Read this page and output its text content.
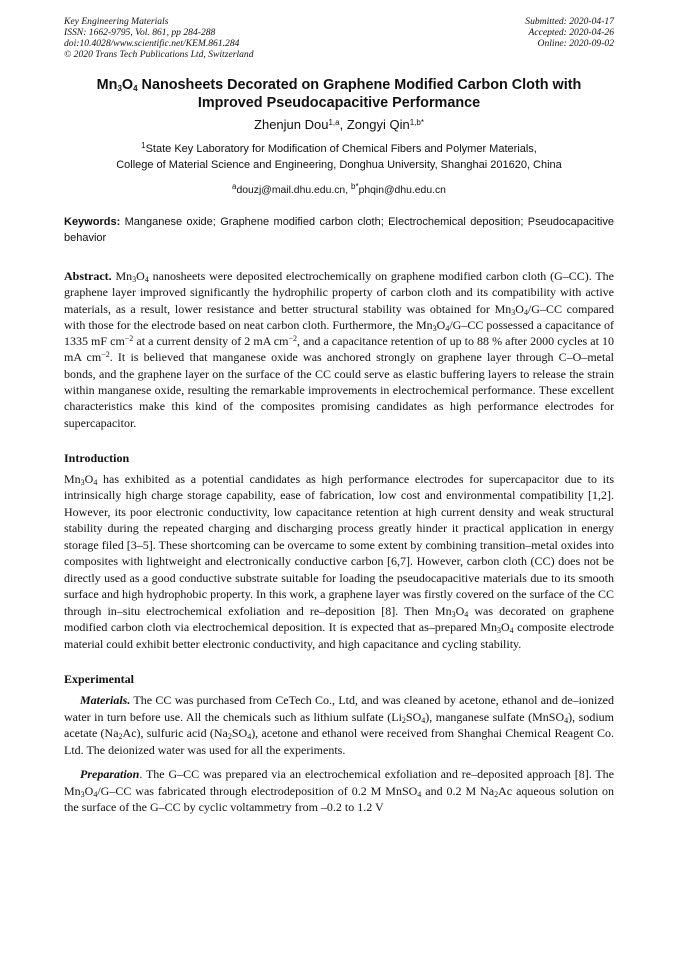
Key Engineering Materials
ISSN: 1662-9795, Vol. 861, pp 284-288
doi:10.4028/www.scientific.net/KEM.861.284
© 2020 Trans Tech Publications Ltd, Switzerland
Submitted: 2020-04-17
Accepted: 2020-04-26
Online: 2020-09-02
$Mn_3O_4$ Nanosheets Decorated on Graphene Modified Carbon Cloth with
Improved Pseudocapacitive Performance
Zhenjun Dou$^{1,a}$, Zongyi Qin$^{1,b*}$
$^1$State Key Laboratory for Modification of Chemical Fibers and Polymer Materials,
College of Material Science and Engineering, Donghua University, Shanghai 201620, China
$^a$douzj@mail.dhu.edu.cn, $^{b*}$phqin@dhu.edu.cn
Keywords: Manganese oxide; Graphene modified carbon cloth; Electrochemical deposition; Pseudocapacitive behavior

Abstract. $Mn_3O_4$ nanosheets were deposited electrochemically on graphene modified carbon cloth (G–CC). The graphene layer improved significantly the hydrophilic property of carbon cloth and its compatibility with active materials, as a result, lower resistance and better structural stability was obtained for $Mn_3O_4/G-CC$ compared with those for the electrode based on neat carbon cloth. Furthermore, the $Mn_3O_4/G-CC$ possessed a capacitance of 1335 mF $cm^{-2}$ at a current density of 2 mA $cm^{-2}$, and a capacitance retention of up to 88 % after 2000 cycles at 10 mA $cm^{-2}$. It is believed that manganese oxide was anchored strongly on graphene layer through C–O–metal bonds, and the graphene layer on the surface of the CC could serve as elastic buffering layers to release the strain within manganese oxide, resulting the remarkable improvements in electrochemical performance. These excellent characteristics make this kind of the composites promising candidates as high performance electrodes for supercapacitor.

Introduction

$Mn_3O_4$ has exhibited as a potential candidates as high performance electrodes for supercapacitor due to its intrinsically high charge storage capability, ease of fabrication, low cost and environmental compatibility [1,2]. However, its poor electronic conductivity, low capacitance retention at high current density and weak structural stability during the repeated charging and discharging process greatly hinder it practical application in energy storage filed [3–5]. These shortcoming can be overcame to some extent by combining transition–metal oxides into composites with lightweight and electronically conductive carbon [6,7]. However, carbon cloth (CC) does not be directly used as a good conductive substrate suitable for loading the pseudocapacitive materials due to its smooth surface and high hydrophobic property. In this work, a graphene layer was firstly covered on the surface of the CC through in–situ electrochemical exfoliation and re–deposition [8]. Then $Mn_3O_4$ was decorated on graphene modified carbon cloth via electrochemical deposition. It is expected that as–prepared $Mn_3O_4$ composite electrode material could exhibit better electronic conductivity, and high capacitance and cycling stability.

Experimental

Materials. The CC was purchased from CeTech Co., Ltd, and was cleaned by acetone, ethanol and de–ionized water in turn before use. All the chemicals such as lithium sulfate $(Li_2SO_4)$, manganese sulfate (MnSO$_4$), sodium acetate $(Na_2Ac)$, sulfuric acid $(Na_2SO_4)$, acetone and ethanol were received from Shanghai Chemical Reagent Co. Ltd. The deionized water was used for all the experiments.

Preparation. The G–CC was prepared via an electrochemical exfoliation and re–deposited approach [8]. The $Mn_3O_4/G-CC$ was fabricated through electrodeposition of 0.2 M MnSO$_4$ and 0.2 M $Na_2Ac$ aqueous solution on the surface of the G–CC by cyclic voltammetry from –0.2 to 1.2 V
